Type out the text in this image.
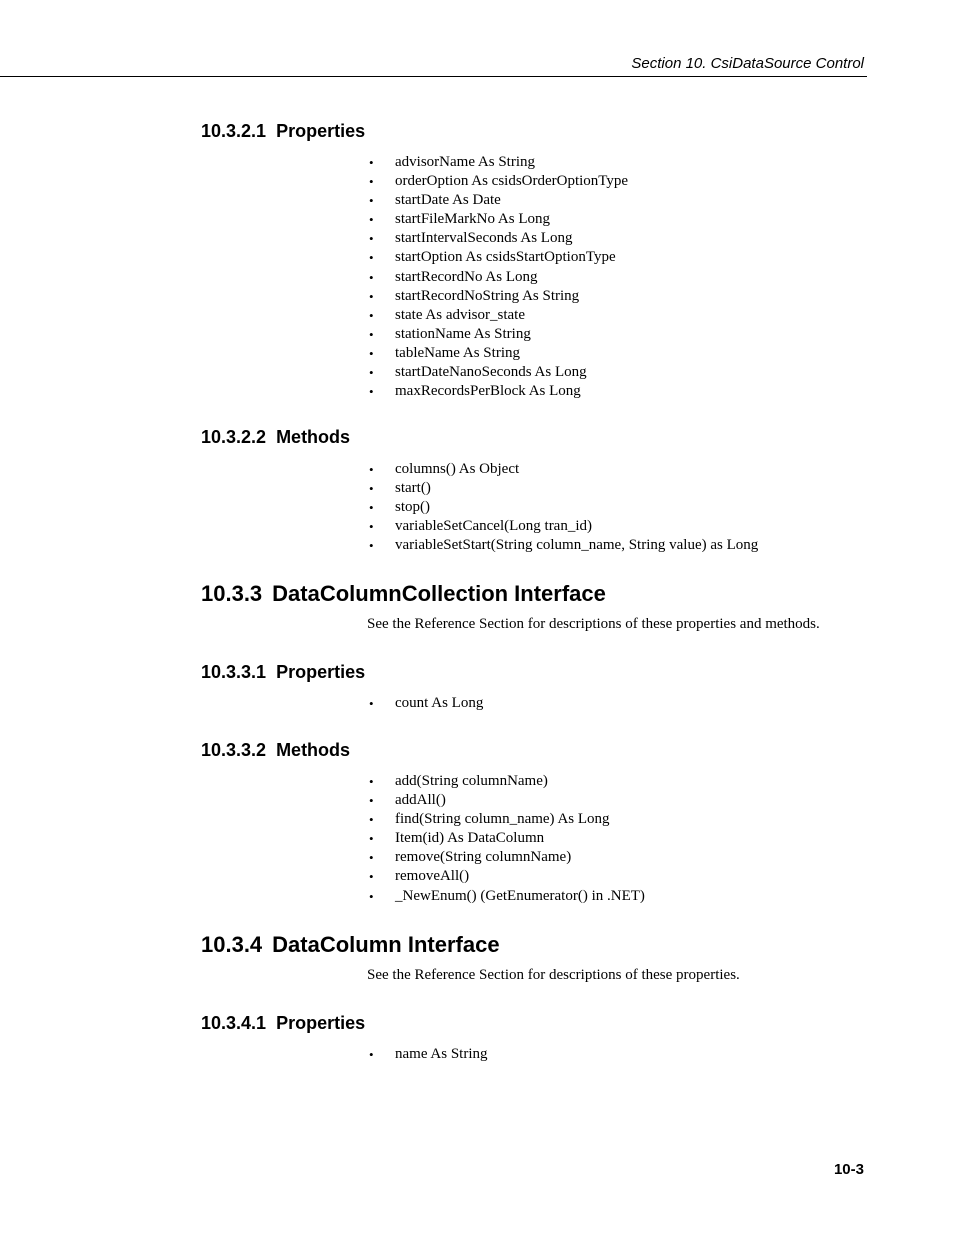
Section 10. CsiDataSource Control
10.3.2.1 Properties
• advisorName As String
• orderOption As csidsOrderOptionType
• startDate As Date
• startFileMarkNo As Long
• startIntervalSeconds As Long
• startOption As csidsStartOptionType
• startRecordNo As Long
• startRecordNoString As String
• state As advisor_state
• stationName As String
• tableName As String
• startDateNanoSeconds As Long
• maxRecordsPerBlock As Long
10.3.2.2 Methods
• columns() As Object
• start()
• stop()
• variableSetCancel(Long tran_id)
• variableSetStart(String column_name, String value) as Long
10.3.3 DataColumnCollection Interface

See the Reference Section for descriptions of these properties and methods.

10.3.3.1 Properties
• count As Long
10.3.3.2 Methods
• add(String columnName)
• addAll()
• find(String column_name) As Long
• Item(id) As DataColumn
• remove(String columnName)
• removeAll()
• _NewEnum() (GetEnumerator() in .NET)
10.3.4 DataColumn Interface

See the Reference Section for descriptions of these properties.

10.3.4.1 Properties
• name As String
10-3
